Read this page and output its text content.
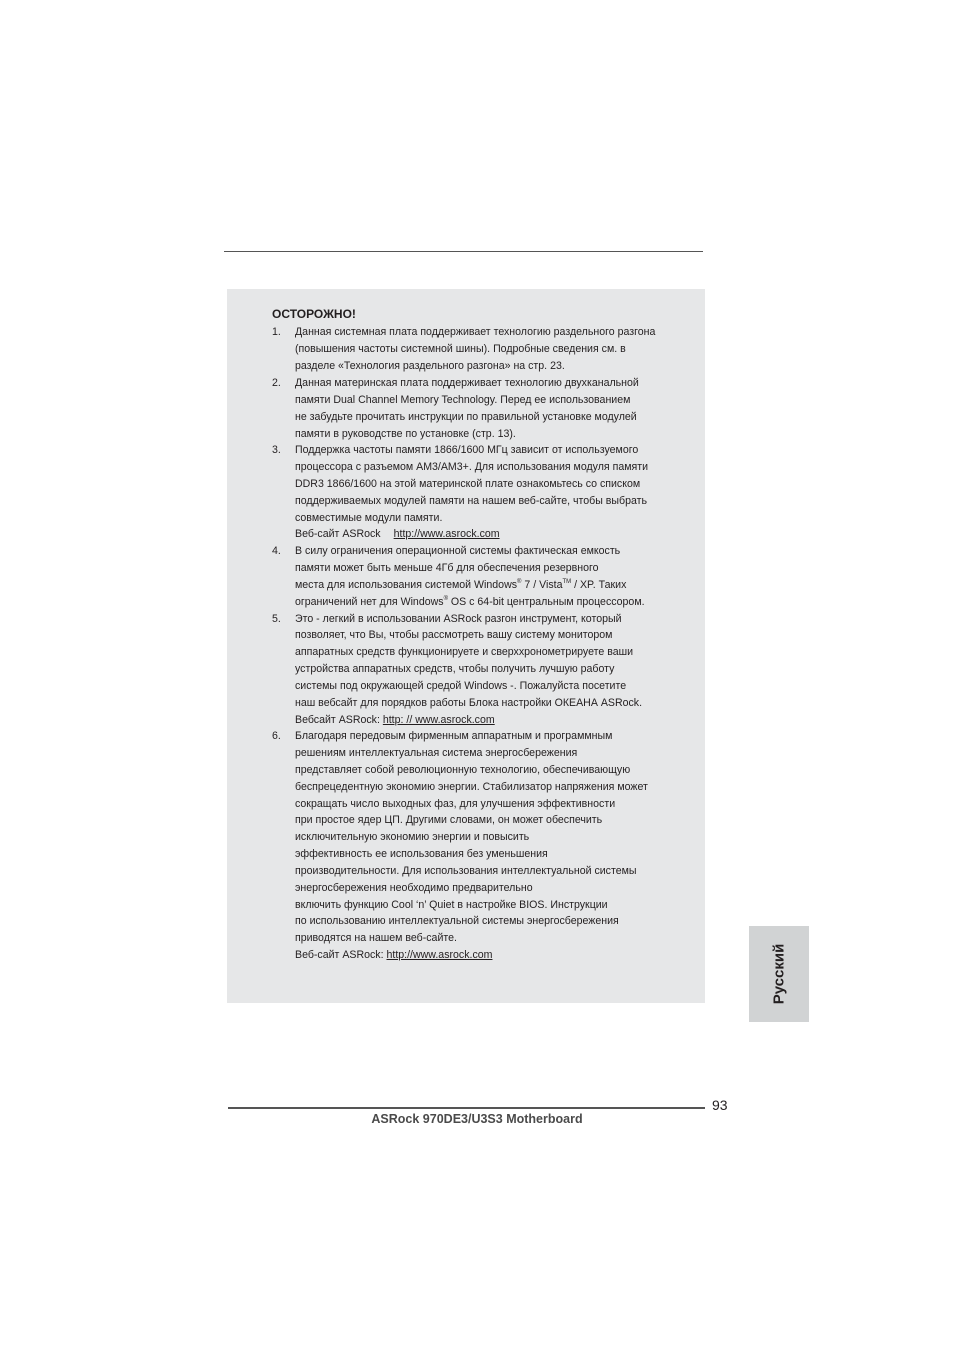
ОСТОРОЖНО!
1. Данная системная плата поддерживает технологию раздельного разгона
(повышения частоты системной шины). Подробные сведения см. в
разделе «Технология раздельного разгона» на стр. 23.
2. Данная материнская плата поддерживает технологию двухканальной
памяти Dual Channel Memory Technology. Перед ее использованием
не забудьте прочитать инструкции по правильной установке модулей
памяти в руководстве по установке (стр. 13).
3. Поддержка частоты памяти 1866/1600 МГц зависит от используемого
процессора с разъемом AM3/AM3+. Для использования модуля памяти
DDR3 1866/1600 на этой материнской плате ознакомьтесь со списком
поддерживаемых модулей памяти на нашем веб-сайте, чтобы выбрать
совместимые модули памяти.
Веб-сайт ASRock http://www.asrock.com
4. В силу ограничения операционной системы фактическая емкость
памяти может быть меньше 4Гб для обеспечения резервного
места для использования системой Windows® 7 / Vista™ / XP. Таких
ограничений нет для Windows® OS с 64-bit центральным процессором.
5. Это - легкий в использовании ASRock разгон инструмент, который
позволяет, что Вы, чтобы рассмотреть вашу систему монитором
аппаратных средств функционируете и сверххронометрируете ваши
устройства аппаратных средств, чтобы получить лучшую работу
системы под окружающей средой Windows -. Пожалуйста посетите
наш вебсайт для порядков работы Блока настройки ОКЕАНА ASRock.
Вебсайт ASRock: http: // www.asrock.com
6. Благодаря передовым фирменным аппаратным и программным
решениям интеллектуальная система энергосбережения
представляет собой революционную технологию, обеспечивающую
беспрецедентную экономию энергии. Стабилизатор напряжения может
сокращать число выходных фаз, для улучшения эффективности
при простое ядер ЦП. Другими словами, он может обеспечить
исключительную экономию энергии и повысить
эффективность ее использования без уменьшения
производительности. Для использования интеллектуальной системы
энергосбережения необходимо предварительно
включить функцию Cool ‘n’ Quiet в настройке BIOS. Инструкции
по использованию интеллектуальной системы энергосбережения
приводятся на нашем веб-сайте.
Веб-сайт ASRock: http://www.asrock.com	Русский
93
ASRock 970DE3/U3S3 Motherboard
